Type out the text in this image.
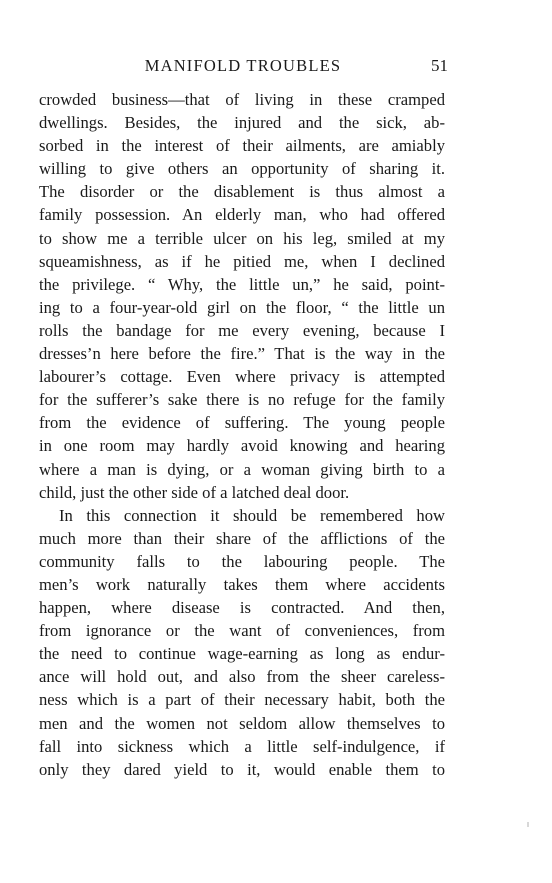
MANIFOLD TROUBLES	51
crowded business—that of living in these cramped
dwellings. Besides, the injured and the sick, ab-
sorbed in the interest of their ailments, are amiably
willing to give others an opportunity of sharing it.
The disorder or the disablement is thus almost a
family possession. An elderly man, who had offered
to show me a terrible ulcer on his leg, smiled at my
squeamishness, as if he pitied me, when I declined
the privilege. “ Why, the little un,” he said, point-
ing to a four-year-old girl on the floor, “ the little un
rolls the bandage for me every evening, because I
dresses’n here before the fire.” That is the way in the
labourer’s cottage. Even where privacy is attempted
for the sufferer’s sake there is no refuge for the family
from the evidence of suffering. The young people
in one room may hardly avoid knowing and hearing
where a man is dying, or a woman giving birth to a
child, just the other side of a latched deal door.
In this connection it should be remembered how
much more than their share of the afflictions of the
community falls to the labouring people. The
men’s work naturally takes them where accidents
happen, where disease is contracted. And then,
from ignorance or the want of conveniences, from
the need to continue wage-earning as long as endur-
ance will hold out, and also from the sheer careless-
ness which is a part of their necessary habit, both the
men and the women not seldom allow themselves to
fall into sickness which a little self-indulgence, if
only they dared yield to it, would enable them to
